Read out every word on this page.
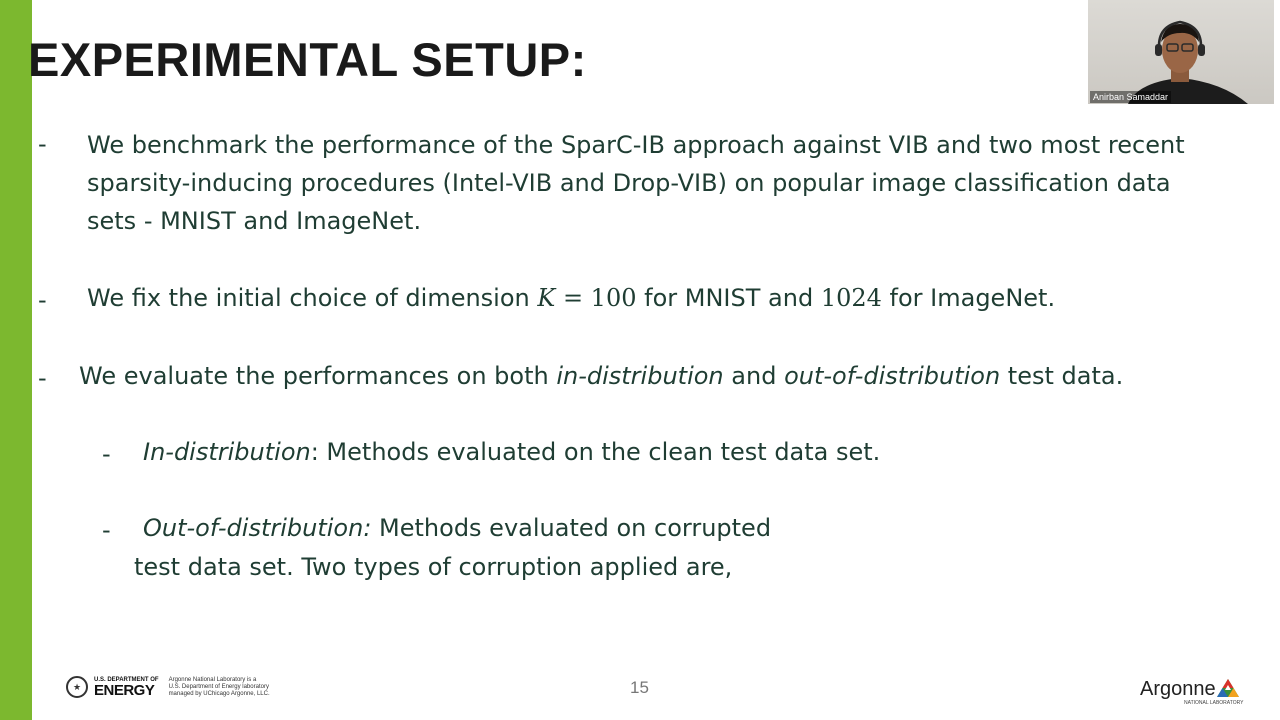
EXPERIMENTAL SETUP:
- We benchmark the performance of the SparC-IB approach against VIB and two most recent
sparsity-inducing procedures (Intel-VIB and Drop-VIB) on popular image classification data
sets - MNIST and ImageNet.
- We fix the initial choice of dimension K = 100 for MNIST and 1024 for ImageNet.
- We evaluate the performances on both in-distribution and out-of-distribution test data.
- In-distribution: Methods evaluated on the clean test data set.
- Out-of-distribution: Methods evaluated on corrupted
test data set. Two types of corruption applied are,
Anirban Samaddar
★
U.S. DEPARTMENT OF
ENERGY
Argonne National Laboratory is a
U.S. Department of Energy laboratory
managed by UChicago Argonne, LLC.	15	Argonne
NATIONAL LABORATORY
